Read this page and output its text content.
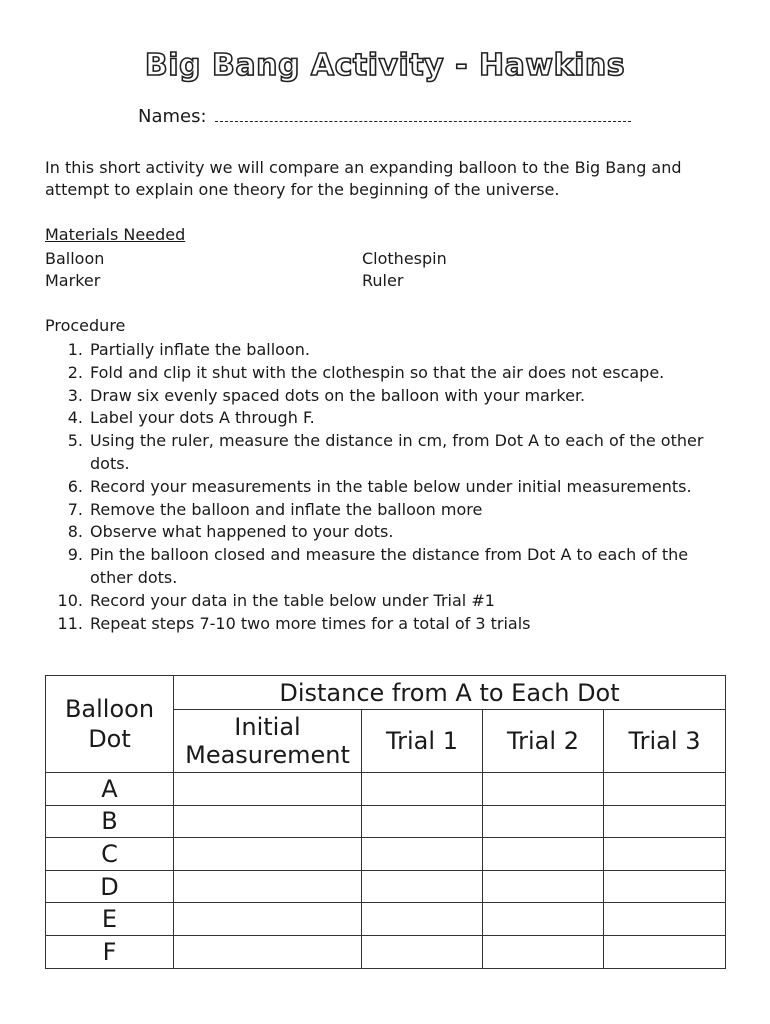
Big Bang Activity - Hawkins
Names:
In this short activity we will compare an expanding balloon to the Big Bang and attempt to explain one theory for the beginning of the universe.
Materials Needed
Balloon	Clothespin
Marker	Ruler
Procedure
1. Partially inflate the balloon.
2. Fold and clip it shut with the clothespin so that the air does not escape.
3. Draw six evenly spaced dots on the balloon with your marker.
4. Label your dots A through F.
5. Using the ruler, measure the distance in cm, from Dot A to each of the other dots.
6. Record your measurements in the table below under initial measurements.
7. Remove the balloon and inflate the balloon more
8. Observe what happened to your dots.
9. Pin the balloon closed and measure the distance from Dot A to each of the other dots.
10. Record your data in the table below under Trial #1
11. Repeat steps 7-10 two more times for a total of 3 trials
Balloon Dot	Distance from A to Each Dot			
	Initial Measurement	Trial 1	Trial 2	Trial 3
A				
B				
C				
D				
E				
F				
